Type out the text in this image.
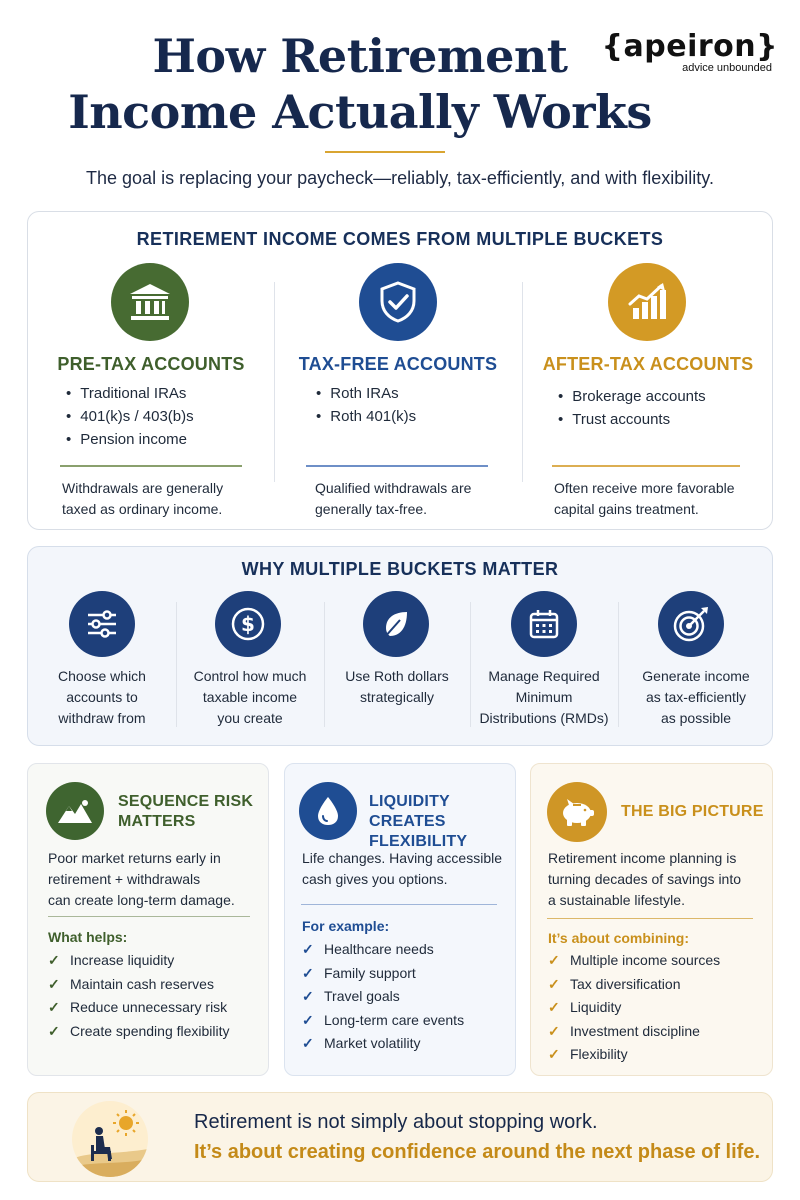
How Retirement
Income Actually Works
{apeiron}
advice unbounded
The goal is replacing your paycheck—reliably, tax-efficiently, and with flexibility.
RETIREMENT INCOME COMES FROM MULTIPLE BUCKETS
PRE-TAX ACCOUNTS
• Traditional IRAs
• 401(k)s / 403(b)s
• Pension income
Withdrawals are generally
taxed as ordinary income.
TAX-FREE ACCOUNTS
• Roth IRAs
• Roth 401(k)s
Qualified withdrawals are
generally tax-free.
AFTER-TAX ACCOUNTS
• Brokerage accounts
• Trust accounts
Often receive more favorable
capital gains treatment.
WHY MULTIPLE BUCKETS MATTER
Choose which
accounts to
withdraw from
$
Control how much
taxable income
you create
Use Roth dollars
strategically
Manage Required
Minimum
Distributions (RMDs)
Generate income
as tax-efficiently
as possible
SEQUENCE RISK
MATTERS
Poor market returns early in
retirement + withdrawals
can create long-term damage.
What helps:
✓ Increase liquidity
✓ Maintain cash reserves
✓ Reduce unnecessary risk
✓ Create spending flexibility
LIQUIDITY CREATES
FLEXIBILITY
Life changes. Having accessible
cash gives you options.
For example:
✓ Healthcare needs
✓ Family support
✓ Travel goals
✓ Long-term care events
✓ Market volatility
THE BIG PICTURE
Retirement income planning is
turning decades of savings into
a sustainable lifestyle.
It’s about combining:
✓ Multiple income sources
✓ Tax diversification
✓ Liquidity
✓ Investment discipline
✓ Flexibility
Retirement is not simply about stopping work.
It’s about creating confidence around the next phase of life.
